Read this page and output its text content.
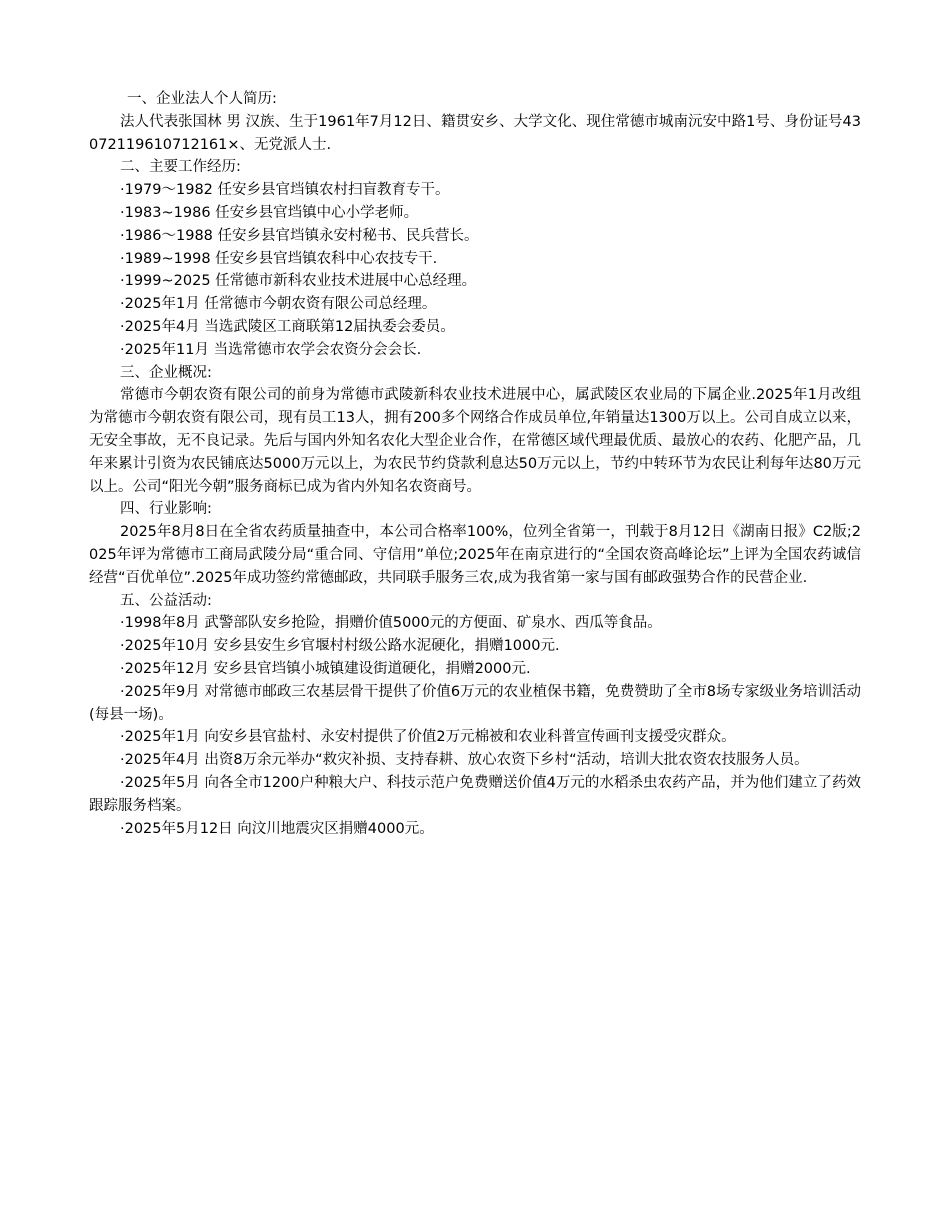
一、企业法人个人简历:

法人代表张国林 男 汉族、生于1961年7月12日、籍贯安乡、大学文化、现住常德市城南沅安中路1号、身份证号43072119610712161×、无党派人士.

二、主要工作经历:

·1979～1982 任安乡县官垱镇农村扫盲教育专干。

·1983~1986 任安乡县官垱镇中心小学老师。

·1986～1988 任安乡县官垱镇永安村秘书、民兵营长。

·1989~1998 任安乡县官垱镇农科中心农技专干.

·1999~2025 任常德市新科农业技术进展中心总经理。

·2025年1月 任常德市今朝农资有限公司总经理。

·2025年4月 当选武陵区工商联第12届执委会委员。

·2025年11月 当选常德市农学会农资分会会长.

三、企业概况:

常德市今朝农资有限公司的前身为常德市武陵新科农业技术进展中心，属武陵区农业局的下属企业.2025年1月改组为常德市今朝农资有限公司，现有员工13人，拥有200多个网络合作成员单位,年销量达1300万以上。公司自成立以来，无安全事故，无不良记录。先后与国内外知名农化大型企业合作，在常德区域代理最优质、最放心的农药、化肥产品，几年来累计引资为农民铺底达5000万元以上，为农民节约贷款利息达50万元以上，节约中转环节为农民让利每年达80万元以上。公司“阳光今朝”服务商标已成为省内外知名农资商号。

四、行业影响:

2025年8月8日在全省农药质量抽查中，本公司合格率100%，位列全省第一，刊载于8月12日《湖南日报》C2版;2025年评为常德市工商局武陵分局“重合同、守信用”单位;2025年在南京进行的“全国农资高峰论坛”上评为全国农药诚信经营“百优单位”.2025年成功签约常德邮政，共同联手服务三农,成为我省第一家与国有邮政强势合作的民营企业.

五、公益活动:

·1998年8月 武警部队安乡抢险，捐赠价值5000元的方便面、矿泉水、西瓜等食品。

·2025年10月 安乡县安生乡官堰村村级公路水泥硬化，捐赠1000元.

·2025年12月 安乡县官垱镇小城镇建设街道硬化，捐赠2000元.

·2025年9月 对常德市邮政三农基层骨干提供了价值6万元的农业植保书籍，免费赞助了全市8场专家级业务培训活动(每县一场)。

·2025年1月 向安乡县官盐村、永安村提供了价值2万元棉被和农业科普宣传画刊支援受灾群众。

·2025年4月 出资8万余元举办“救灾补损、支持春耕、放心农资下乡村“活动，培训大批农资农技服务人员。

·2025年5月 向各全市1200户种粮大户、科技示范户免费赠送价值4万元的水稻杀虫农药产品，并为他们建立了药效跟踪服务档案。

·2025年5月12日 向汶川地震灾区捐赠4000元。
